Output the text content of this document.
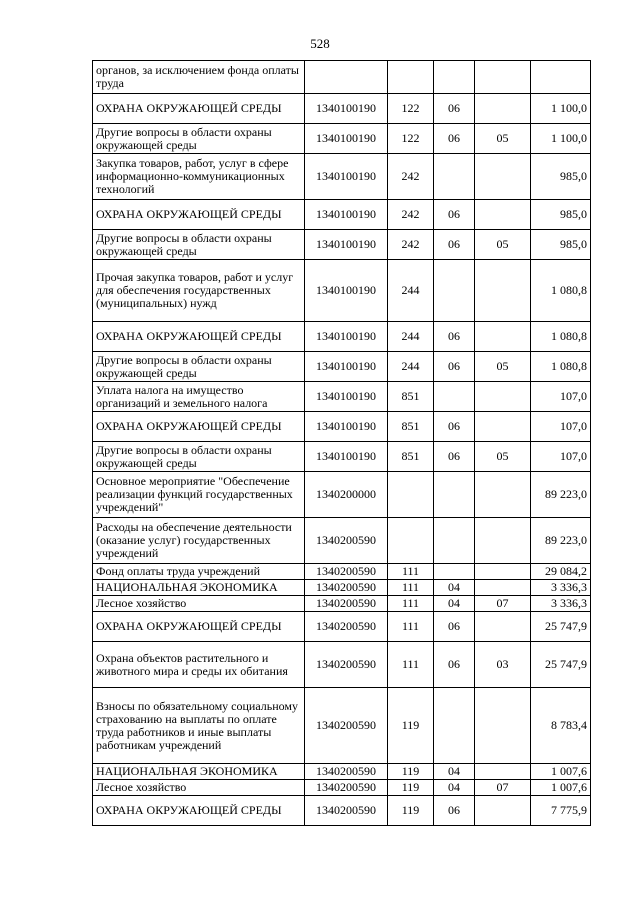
528
органов, за исключением фонда оплаты труда					
ОХРАНА ОКРУЖАЮЩЕЙ СРЕДЫ	1340100190	122	06		1 100,0
Другие вопросы в области охраны окружающей среды	1340100190	122	06	05	1 100,0
Закупка товаров, работ, услуг в сфере информационно-коммуникационных технологий	1340100190	242			985,0
ОХРАНА ОКРУЖАЮЩЕЙ СРЕДЫ	1340100190	242	06		985,0
Другие вопросы в области охраны окружающей среды	1340100190	242	06	05	985,0
Прочая закупка товаров, работ и услуг для обеспечения государственных (муниципальных) нужд	1340100190	244			1 080,8
ОХРАНА ОКРУЖАЮЩЕЙ СРЕДЫ	1340100190	244	06		1 080,8
Другие вопросы в области охраны окружающей среды	1340100190	244	06	05	1 080,8
Уплата налога на имущество организаций и земельного налога	1340100190	851			107,0
ОХРАНА ОКРУЖАЮЩЕЙ СРЕДЫ	1340100190	851	06		107,0
Другие вопросы в области охраны окружающей среды	1340100190	851	06	05	107,0
Основное мероприятие "Обеспечение реализации функций государственных учреждений"	1340200000				89 223,0
Расходы на обеспечение деятельности (оказание услуг) государственных учреждений	1340200590				89 223,0
Фонд оплаты труда учреждений	1340200590	111			29 084,2
НАЦИОНАЛЬНАЯ ЭКОНОМИКА	1340200590	111	04		3 336,3
Лесное хозяйство	1340200590	111	04	07	3 336,3
ОХРАНА ОКРУЖАЮЩЕЙ СРЕДЫ	1340200590	111	06		25 747,9
Охрана объектов растительного и животного мира и среды их обитания	1340200590	111	06	03	25 747,9
Взносы по обязательному социальному страхованию на выплаты по оплате труда работников и иные выплаты работникам учреждений	1340200590	119			8 783,4
НАЦИОНАЛЬНАЯ ЭКОНОМИКА	1340200590	119	04		1 007,6
Лесное хозяйство	1340200590	119	04	07	1 007,6
ОХРАНА ОКРУЖАЮЩЕЙ СРЕДЫ	1340200590	119	06		7 775,9
